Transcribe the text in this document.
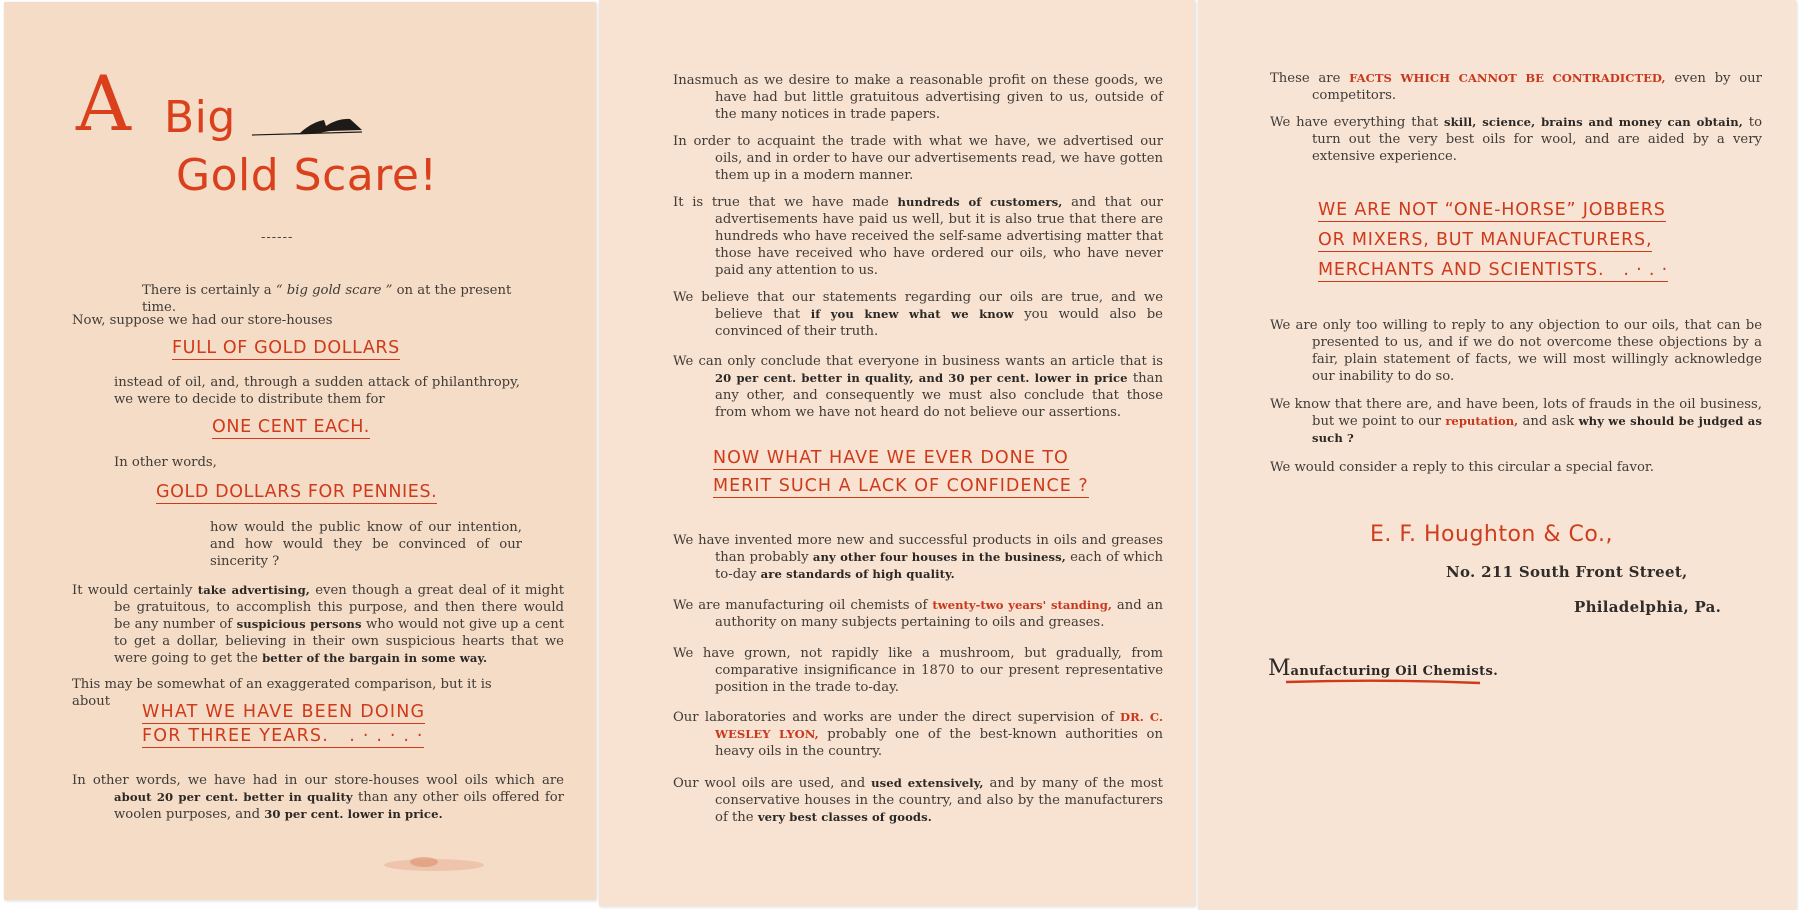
A Big
Gold Scare!
------

There is certainly a “ big gold scare ” on at the present time.

Now, suppose we had our store-houses

FULL OF GOLD DOLLARS

instead of oil, and, through a sudden attack of philanthropy, we were to decide to distribute them for

ONE CENT EACH.

In other words,

GOLD DOLLARS FOR PENNIES.

how would the public know of our intention, and how would they be convinced of our sincerity ?

It would certainly take advertising, even though a great deal of it might be gratuitous, to accomplish this purpose, and then there would be any number of suspicious persons who would not give up a cent to get a dollar, believing in their own suspicious hearts that we were going to get the better of the bargain in some way.

This may be somewhat of an exaggerated comparison, but it is about

WHAT WE HAVE BEEN DOING
FOR THREE YEARS. . · . · . ·

In other words, we have had in our store-houses wool oils which are about 20 per cent. better in quality than any other oils offered for woolen purposes, and 30 per cent. lower in price.

Inasmuch as we desire to make a reasonable profit on these goods, we have had but little gratuitous advertising given to us, outside of the many notices in trade papers.

In order to acquaint the trade with what we have, we advertised our oils, and in order to have our advertisements read, we have gotten them up in a modern manner.

It is true that we have made hundreds of customers, and that our advertisements have paid us well, but it is also true that there are hundreds who have received the self-same advertising matter that those have received who have ordered our oils, who have never paid any attention to us.

We believe that our statements regarding our oils are true, and we believe that if you knew what we know you would also be convinced of their truth.

We can only conclude that everyone in business wants an article that is 20 per cent. better in quality, and 30 per cent. lower in price than any other, and consequently we must also conclude that those from whom we have not heard do not believe our assertions.

NOW WHAT HAVE WE EVER DONE TO
MERIT SUCH A LACK OF CONFIDENCE ?

We have invented more new and successful products in oils and greases than probably any other four houses in the business, each of which to-day are standards of high quality.

We are manufacturing oil chemists of twenty-two years' standing, and an authority on many subjects pertaining to oils and greases.

We have grown, not rapidly like a mushroom, but gradually, from comparative insignificance in 1870 to our present representative position in the trade to-day.

Our laboratories and works are under the direct supervision of DR. C. WESLEY LYON, probably one of the best-known authorities on heavy oils in the country.

Our wool oils are used, and used extensively, and by many of the most conservative houses in the country, and also by the manufacturers of the very best classes of goods.

These are FACTS WHICH CANNOT BE CONTRADICTED, even by our competitors.

We have everything that skill, science, brains and money can obtain, to turn out the very best oils for wool, and are aided by a very extensive experience.

WE ARE NOT “ONE-HORSE” JOBBERS
OR MIXERS, BUT MANUFACTURERS,
MERCHANTS AND SCIENTISTS. . · . ·

We are only too willing to reply to any objection to our oils, that can be presented to us, and if we do not overcome these objections by a fair, plain statement of facts, we will most willingly acknowledge our inability to do so.

We know that there are, and have been, lots of frauds in the oil business, but we point to our reputation, and ask why we should be judged as such ?

We would consider a reply to this circular a special favor.

E. F. Houghton & Co.,
No. 211 South Front Street,
Philadelphia, Pa.
Manufacturing Oil Chemists.
